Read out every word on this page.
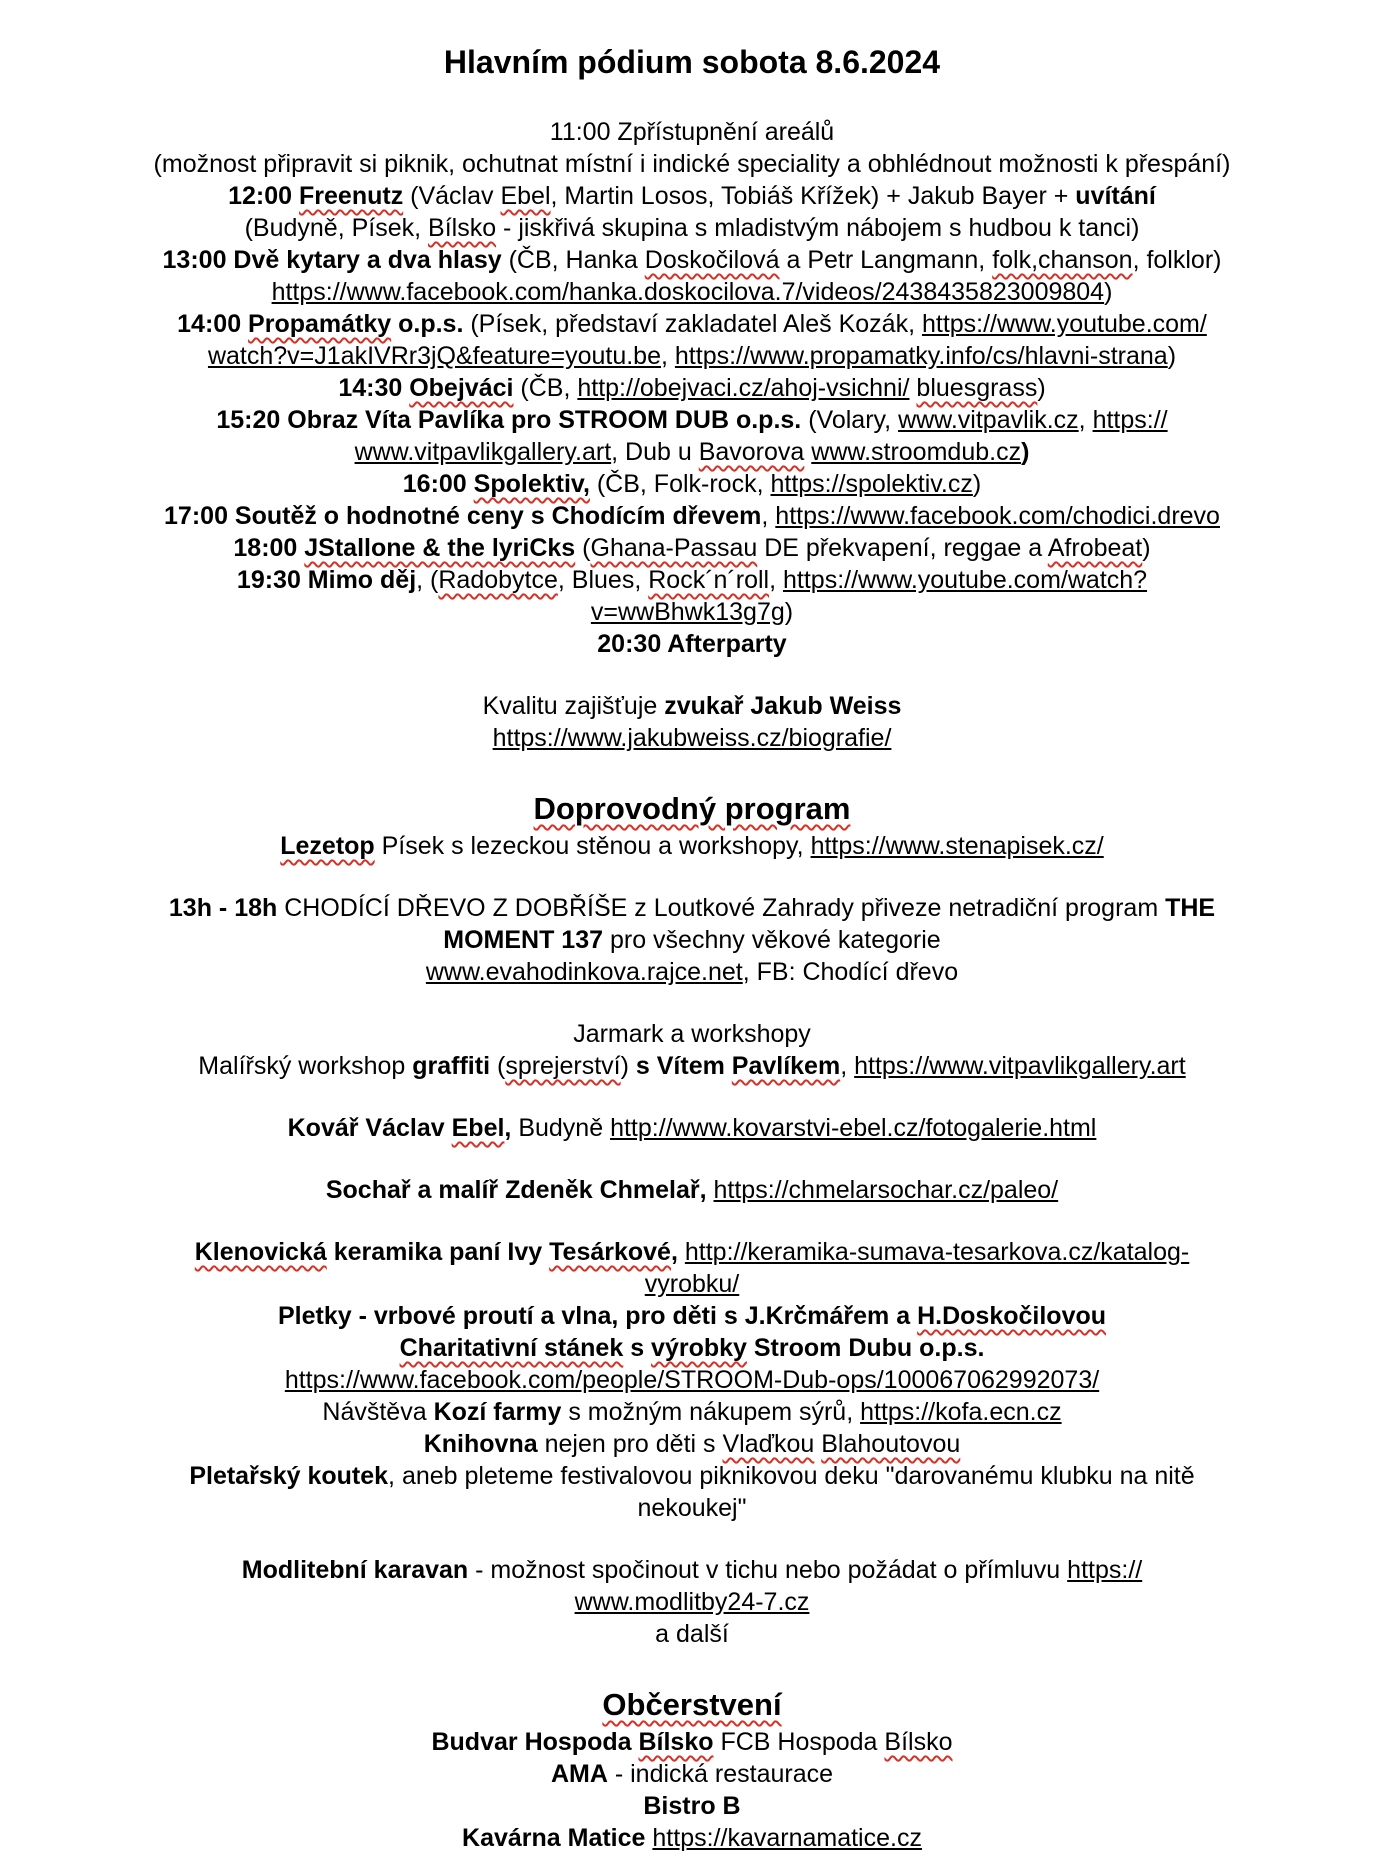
Hlavním pódium sobota 8.6.2024

11:00 Zpřístupnění areálů

(možnost připravit si piknik, ochutnat místní i indické speciality a obhlédnout možnosti k přespání)

12:00 Freenutz (Václav Ebel, Martin Losos, Tobiáš Křížek) + Jakub Bayer + uvítání

(Budyně, Písek, Bílsko - jiskřivá skupina s mladistvým nábojem s hudbou k tanci)

13:00 Dvě kytary a dva hlasy (ČB, Hanka Doskočilová a Petr Langmann, folk,chanson, folklor)

https://www.facebook.com/hanka.doskocilova.7/videos/2438435823009804)

14:00 Propamátky o.p.s. (Písek, představí zakladatel Aleš Kozák, https://www.youtube.com/

watch?v=J1akIVRr3jQ&feature=youtu.be, https://www.propamatky.info/cs/hlavni-strana)

14:30 Obejváci (ČB, http://obejvaci.cz/ahoj-vsichni/ bluesgrass)

15:20 Obraz Víta Pavlíka pro STROOM DUB o.p.s. (Volary, www.vitpavlik.cz, https://

www.vitpavlikgallery.art, Dub u Bavorova www.stroomdub.cz)

16:00 Spolektiv, (ČB, Folk-rock, https://spolektiv.cz)

17:00 Soutěž o hodnotné ceny s Chodícím dřevem, https://www.facebook.com/chodici.drevo

18:00 JStallone & the lyriCks (Ghana-Passau DE překvapení, reggae a Afrobeat)

19:30 Mimo děj, (Radobytce, Blues, Rock´n´roll, https://www.youtube.com/watch?

v=wwBhwk13g7g)

20:30 Afterparty

Kvalitu zajišťuje zvukař Jakub Weiss

https://www.jakubweiss.cz/biografie/

Doprovodný program

Lezetop Písek s lezeckou stěnou a workshopy, https://www.stenapisek.cz/

13h - 18h CHODÍCÍ DŘEVO Z DOBŘÍŠE z Loutkové Zahrady přiveze netradiční program THE

MOMENT 137 pro všechny věkové kategorie

www.evahodinkova.rajce.net, FB: Chodící dřevo

Jarmark a workshopy

Malířský workshop graffiti (sprejerství) s Vítem Pavlíkem, https://www.vitpavlikgallery.art

Kovář Václav Ebel, Budyně http://www.kovarstvi-ebel.cz/fotogalerie.html

Sochař a malíř Zdeněk Chmelař, https://chmelarsochar.cz/paleo/

Klenovická keramika paní Ivy Tesárkové, http://keramika-sumava-tesarkova.cz/katalog-

vyrobku/

Pletky - vrbové proutí a vlna, pro děti s J.Krčmářem a H.Doskočilovou

Charitativní stánek s výrobky Stroom Dubu o.p.s.

https://www.facebook.com/people/STROOM-Dub-ops/100067062992073/

Návštěva Kozí farmy s možným nákupem sýrů, https://kofa.ecn.cz

Knihovna nejen pro děti s Vlaďkou Blahoutovou

Pletařský koutek, aneb pleteme festivalovou piknikovou deku "darovanému klubku na nitě

nekoukej"

Modlitební karavan - možnost spočinout v tichu nebo požádat o přímluvu https://

www.modlitby24-7.cz

a další

Občerstvení

Budvar Hospoda Bílsko FCB Hospoda Bílsko

AMA - indická restaurace

Bistro B

Kavárna Matice https://kavarnamatice.cz
